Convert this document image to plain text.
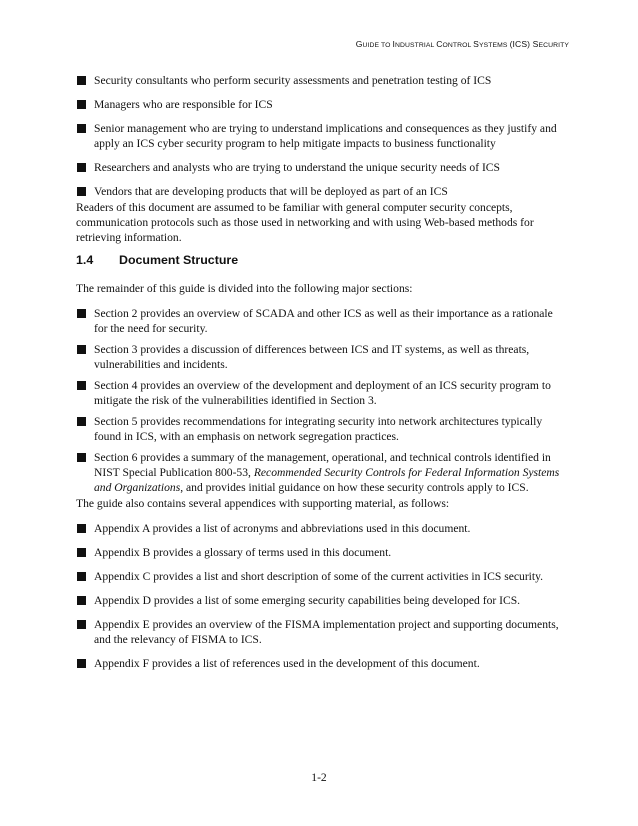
GUIDE TO INDUSTRIAL CONTROL SYSTEMS (ICS) SECURITY
Security consultants who perform security assessments and penetration testing of ICS
Managers who are responsible for ICS
Senior management who are trying to understand implications and consequences as they justify and apply an ICS cyber security program to help mitigate impacts to business functionality
Researchers and analysts who are trying to understand the unique security needs of ICS
Vendors that are developing products that will be deployed as part of an ICS

Readers of this document are assumed to be familiar with general computer security concepts, communication protocols such as those used in networking and with using Web-based methods for retrieving information.

1.4 Document Structure

The remainder of this guide is divided into the following major sections:

Section 2 provides an overview of SCADA and other ICS as well as their importance as a rationale for the need for security.
Section 3 provides a discussion of differences between ICS and IT systems, as well as threats, vulnerabilities and incidents.
Section 4 provides an overview of the development and deployment of an ICS security program to mitigate the risk of the vulnerabilities identified in Section 3.
Section 5 provides recommendations for integrating security into network architectures typically found in ICS, with an emphasis on network segregation practices.
Section 6 provides a summary of the management, operational, and technical controls identified in NIST Special Publication 800-53, Recommended Security Controls for Federal Information Systems and Organizations, and provides initial guidance on how these security controls apply to ICS.

The guide also contains several appendices with supporting material, as follows:

Appendix A provides a list of acronyms and abbreviations used in this document.
Appendix B provides a glossary of terms used in this document.
Appendix C provides a list and short description of some of the current activities in ICS security.
Appendix D provides a list of some emerging security capabilities being developed for ICS.
Appendix E provides an overview of the FISMA implementation project and supporting documents, and the relevancy of FISMA to ICS.
Appendix F provides a list of references used in the development of this document.
1-2
